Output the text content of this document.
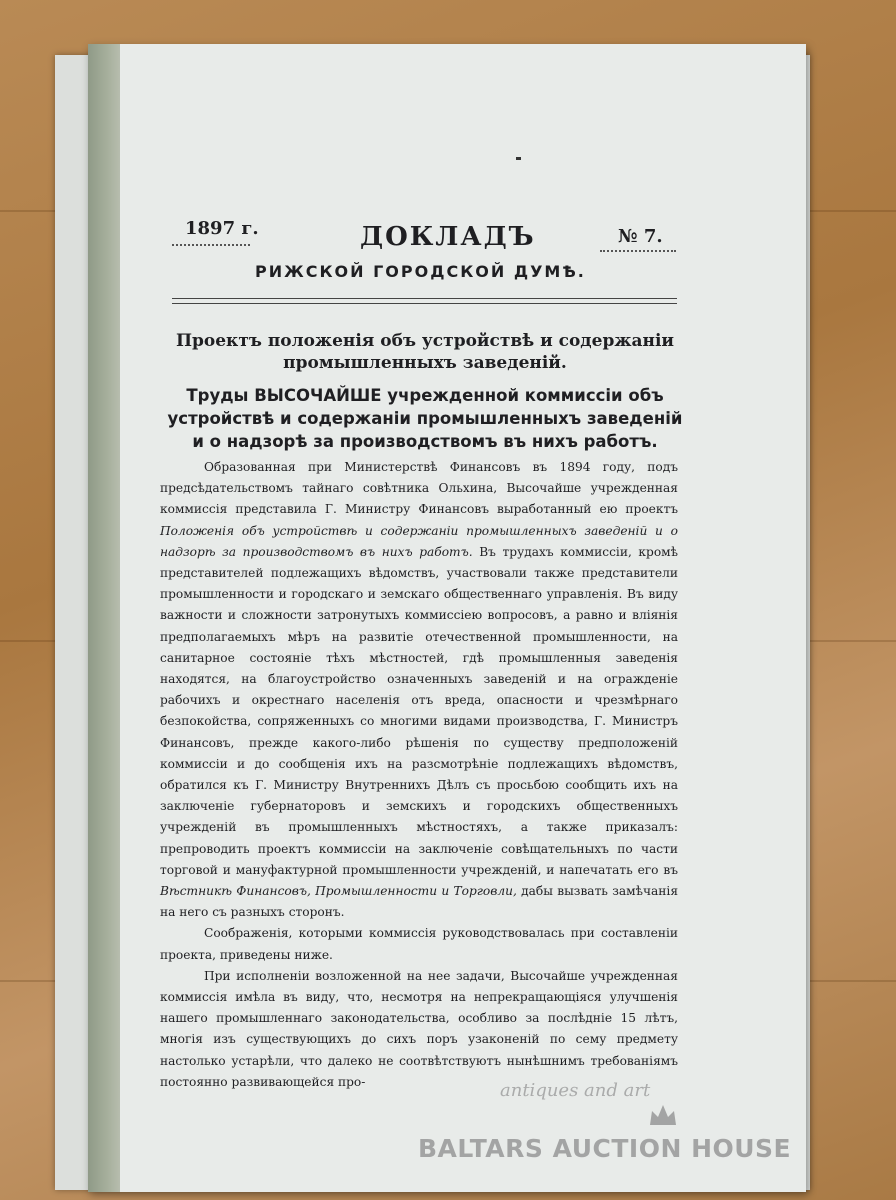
1897 г.	ДОКЛАДЪ	№ 7.
РИЖСКОЙ ГОРОДСКОЙ ДУМѢ.
Проектъ положенія объ устройствѣ и содержаніи промышленныхъ заведеній.
Труды ВЫСОЧАЙШЕ учрежденной коммиссіи объ устройствѣ и содержаніи промышленныхъ заведеній и о надзорѣ за производствомъ въ нихъ работъ.

Образованная при Министерствѣ Финансовъ въ 1894 году, подъ предсѣдательствомъ тайнаго совѣтника Ольхина, Высочайше учрежденная коммиссія представила Г. Министру Финансовъ выработанный ею проектъ Положенія объ устройствѣ и содержаніи промышленныхъ заведеній и о надзорѣ за производствомъ въ нихъ работъ. Въ трудахъ коммиссіи, кромѣ представителей подлежащихъ вѣдомствъ, участвовали также представители промышленности и городскаго и земскаго общественнаго управленія. Въ виду важности и сложности затронутыхъ коммиссіею вопросовъ, а равно и вліянія предполагаемыхъ мѣръ на развитіе отечественной промышленности, на санитарное состояніе тѣхъ мѣстностей, гдѣ промышленныя заведенія находятся, на благоустройство означенныхъ заведеній и на огражденіе рабочихъ и окрестнаго населенія отъ вреда, опасности и чрезмѣрнаго безпокойства, сопряженныхъ со многими видами производства, Г. Министръ Финансовъ, прежде какого-либо рѣшенія по существу предположеній коммиссіи и до сообщенія ихъ на разсмотрѣніе подлежащихъ вѣдомствъ, обратился къ Г. Министру Внутреннихъ Дѣлъ съ просьбою сообщить ихъ на заключеніе губернаторовъ и земскихъ и городскихъ общественныхъ учрежденій въ промышленныхъ мѣстностяхъ, а также приказалъ: препроводить проектъ коммиссіи на заключеніе совѣщательныхъ по части торговой и мануфактурной промышленности учрежденій, и напечатать его въ Вѣстникѣ Финансовъ, Промышленности и Торговли, дабы вызвать замѣчанія на него съ разныхъ сторонъ.

Соображенія, которыми коммиссія руководствовалась при составленіи проекта, приведены ниже.

При исполненіи возложенной на нее задачи, Высочайше учрежденная коммиссія имѣла въ виду, что, несмотря на непрекращающіяся улучшенія нашего промышленнаго законодательства, особливо за послѣдніе 15 лѣтъ, многія изъ существующихъ до сихъ поръ узаконеній по сему предмету настолько устарѣли, что далеко не соотвѣтствуютъ нынѣшнимъ требованіямъ постоянно развивающейся про-	antiques and art
BALTARS AUCTION HOUSE
